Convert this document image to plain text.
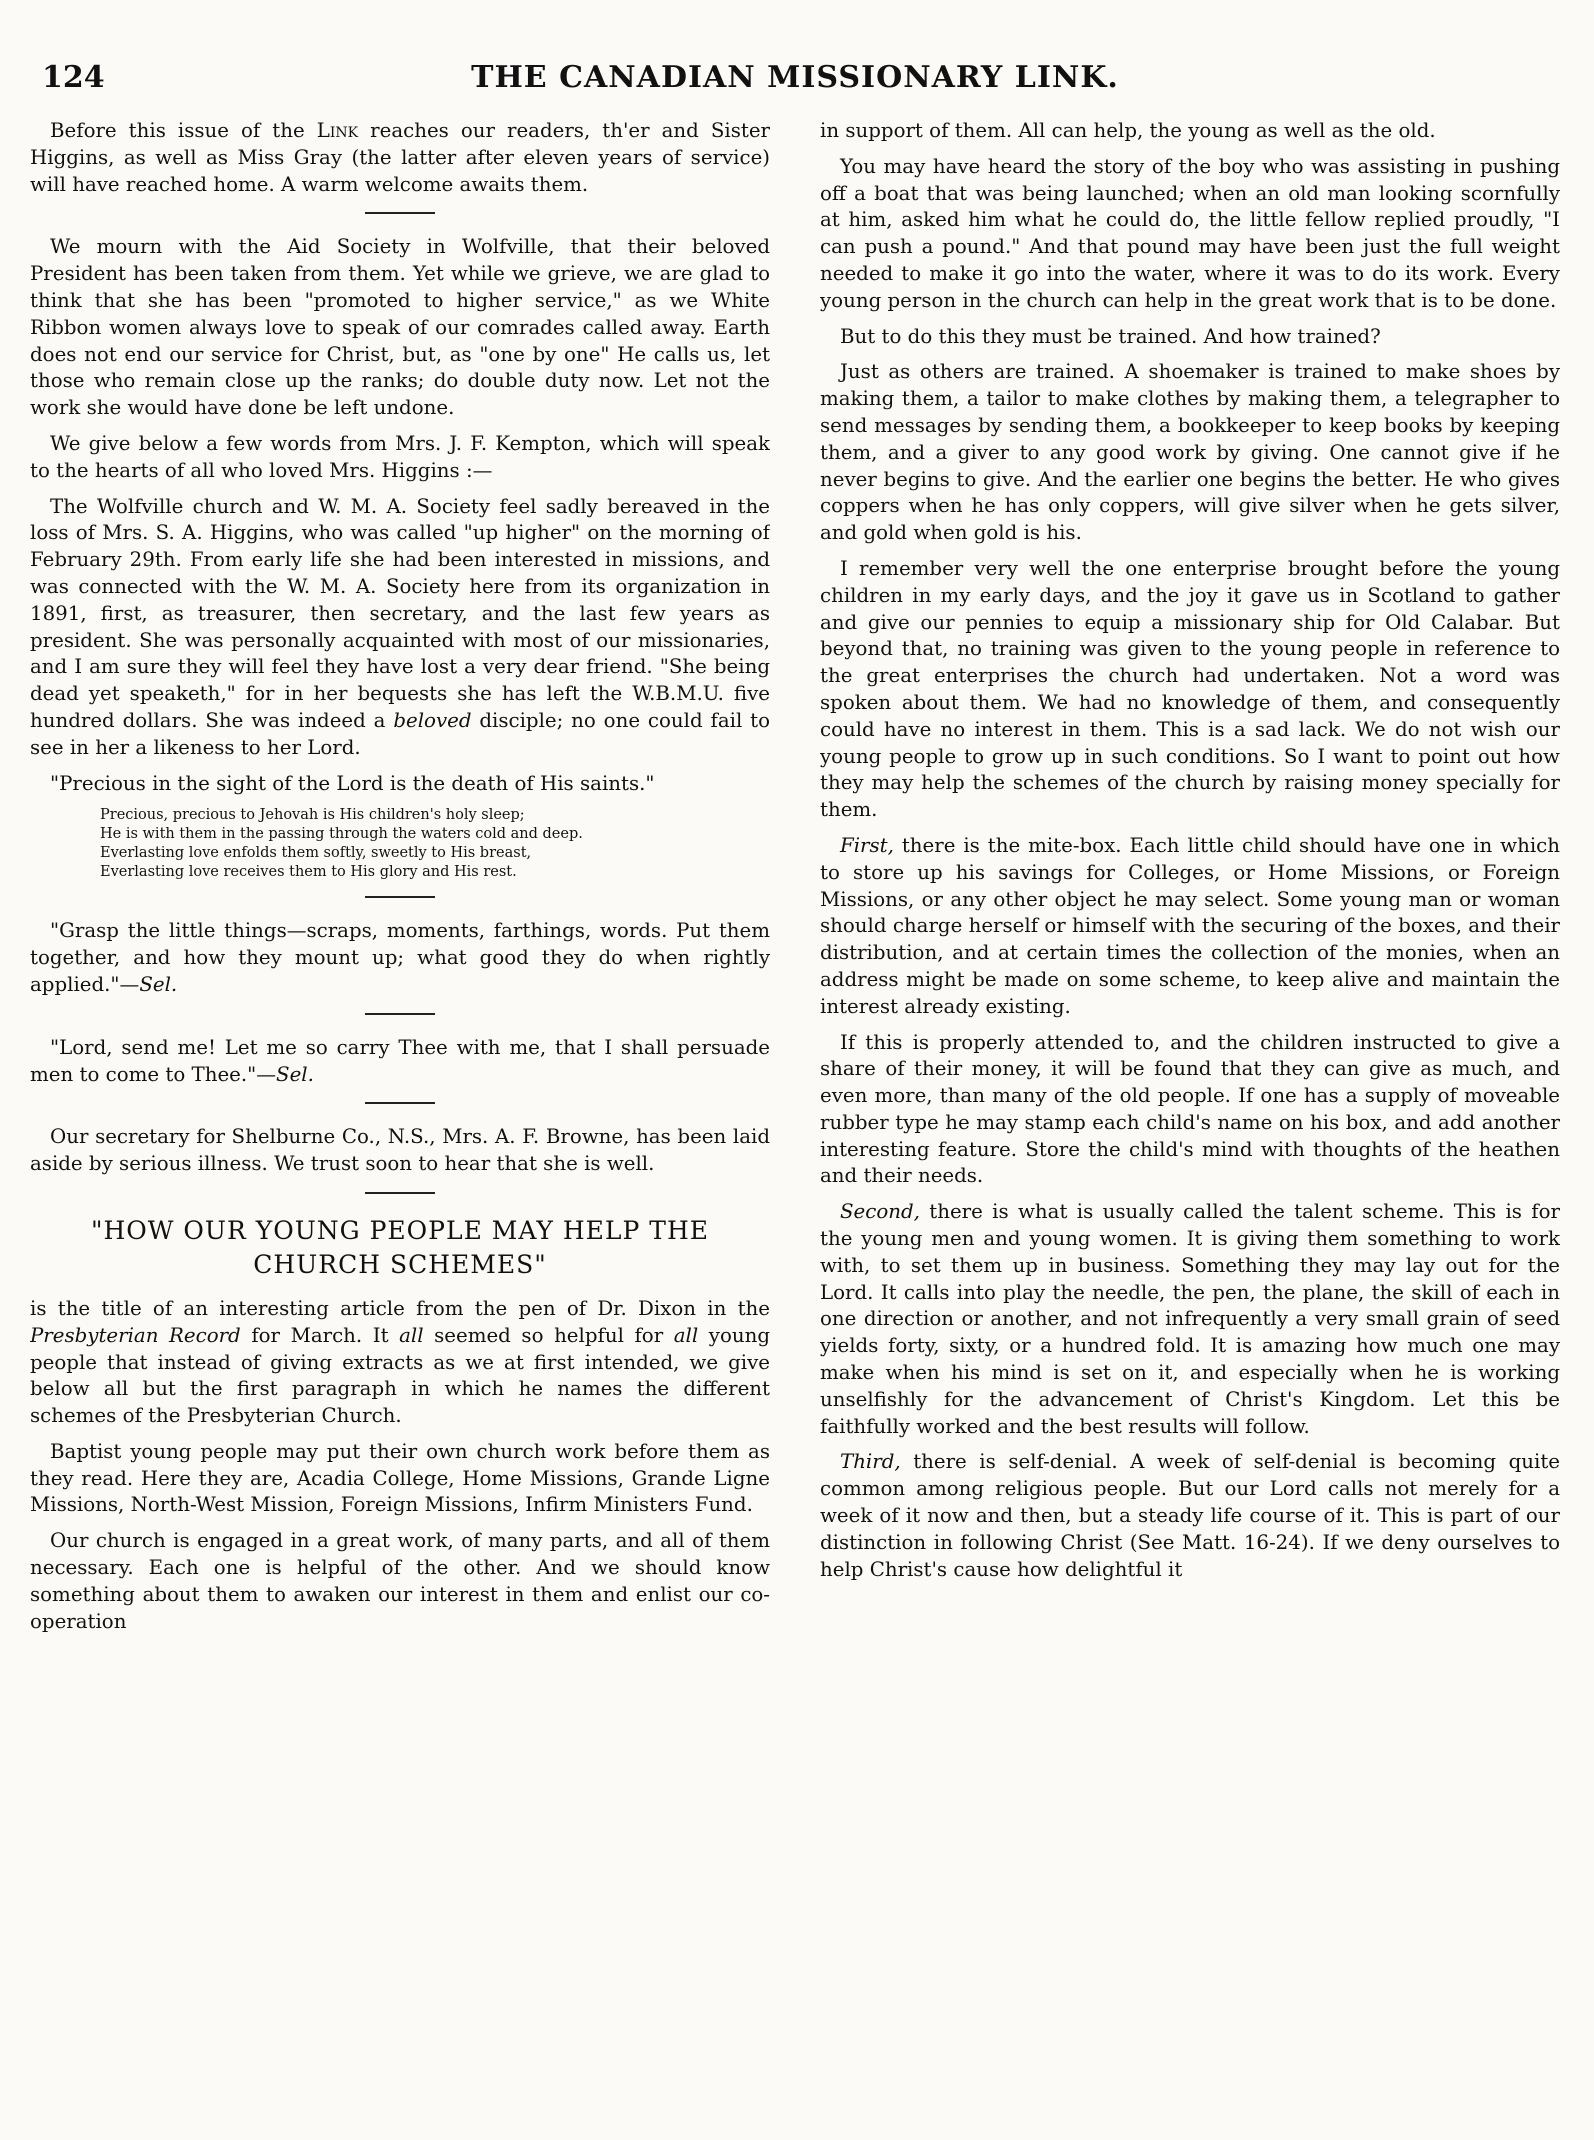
124	THE CANADIAN MISSIONARY LINK.

Before this issue of the Link reaches our readers, th'er and Sister Higgins, as well as Miss Gray (the latter after eleven years of service) will have reached home. A warm welcome awaits them.

We mourn with the Aid Society in Wolfville, that their beloved President has been taken from them. Yet while we grieve, we are glad to think that she has been "promoted to higher service," as we White Ribbon women always love to speak of our comrades called away. Earth does not end our service for Christ, but, as "one by one" He calls us, let those who remain close up the ranks; do double duty now. Let not the work she would have done be left undone.

We give below a few words from Mrs. J. F. Kempton, which will speak to the hearts of all who loved Mrs. Higgins :—

The Wolfville church and W. M. A. Society feel sadly bereaved in the loss of Mrs. S. A. Higgins, who was called "up higher" on the morning of February 29th. From early life she had been interested in missions, and was connected with the W. M. A. Society here from its organization in 1891, first, as treasurer, then secretary, and the last few years as president. She was personally acquainted with most of our missionaries, and I am sure they will feel they have lost a very dear friend. "She being dead yet speaketh," for in her bequests she has left the W.B.M.U. five hundred dollars. She was indeed a beloved disciple; no one could fail to see in her a likeness to her Lord.

"Precious in the sight of the Lord is the death of His saints."

Precious, precious to Jehovah is His children's holy sleep;
He is with them in the passing through the waters cold and deep.
Everlasting love enfolds them softly, sweetly to His breast,
Everlasting love receives them to His glory and His rest.

"Grasp the little things—scraps, moments, farthings, words. Put them together, and how they mount up; what good they do when rightly applied."—Sel.

"Lord, send me! Let me so carry Thee with me, that I shall persuade men to come to Thee."—Sel.

Our secretary for Shelburne Co., N.S., Mrs. A. F. Browne, has been laid aside by serious illness. We trust soon to hear that she is well.

"HOW OUR YOUNG PEOPLE MAY HELP THE
CHURCH SCHEMES"

is the title of an interesting article from the pen of Dr. Dixon in the Presbyterian Record for March. It all seemed so helpful for all young people that instead of giving extracts as we at first intended, we give below all but the first paragraph in which he names the different schemes of the Presbyterian Church.

Baptist young people may put their own church work before them as they read. Here they are, Acadia College, Home Missions, Grande Ligne Missions, North-West Mission, Foreign Missions, Infirm Ministers Fund.

Our church is engaged in a great work, of many parts, and all of them necessary. Each one is helpful of the other. And we should know something about them to awaken our interest in them and enlist our co-operation

in support of them. All can help, the young as well as the old.

You may have heard the story of the boy who was assisting in pushing off a boat that was being launched; when an old man looking scornfully at him, asked him what he could do, the little fellow replied proudly, "I can push a pound." And that pound may have been just the full weight needed to make it go into the water, where it was to do its work. Every young person in the church can help in the great work that is to be done.

But to do this they must be trained. And how trained?

Just as others are trained. A shoemaker is trained to make shoes by making them, a tailor to make clothes by making them, a telegrapher to send messages by sending them, a bookkeeper to keep books by keeping them, and a giver to any good work by giving. One cannot give if he never begins to give. And the earlier one begins the better. He who gives coppers when he has only coppers, will give silver when he gets silver, and gold when gold is his.

I remember very well the one enterprise brought before the young children in my early days, and the joy it gave us in Scotland to gather and give our pennies to equip a missionary ship for Old Calabar. But beyond that, no training was given to the young people in reference to the great enterprises the church had undertaken. Not a word was spoken about them. We had no knowledge of them, and consequently could have no interest in them. This is a sad lack. We do not wish our young people to grow up in such conditions. So I want to point out how they may help the schemes of the church by raising money specially for them.

First, there is the mite-box. Each little child should have one in which to store up his savings for Colleges, or Home Missions, or Foreign Missions, or any other object he may select. Some young man or woman should charge herself or himself with the securing of the boxes, and their distribution, and at certain times the collection of the monies, when an address might be made on some scheme, to keep alive and maintain the interest already existing.

If this is properly attended to, and the children instructed to give a share of their money, it will be found that they can give as much, and even more, than many of the old people. If one has a supply of moveable rubber type he may stamp each child's name on his box, and add another interesting feature. Store the child's mind with thoughts of the heathen and their needs.

Second, there is what is usually called the talent scheme. This is for the young men and young women. It is giving them something to work with, to set them up in business. Something they may lay out for the Lord. It calls into play the needle, the pen, the plane, the skill of each in one direction or another, and not infrequently a very small grain of seed yields forty, sixty, or a hundred fold. It is amazing how much one may make when his mind is set on it, and especially when he is working unselfishly for the advancement of Christ's Kingdom. Let this be faithfully worked and the best results will follow.

Third, there is self-denial. A week of self-denial is becoming quite common among religious people. But our Lord calls not merely for a week of it now and then, but a steady life course of it. This is part of our distinction in following Christ (See Matt. 16-24). If we deny ourselves to help Christ's cause how delightful it
